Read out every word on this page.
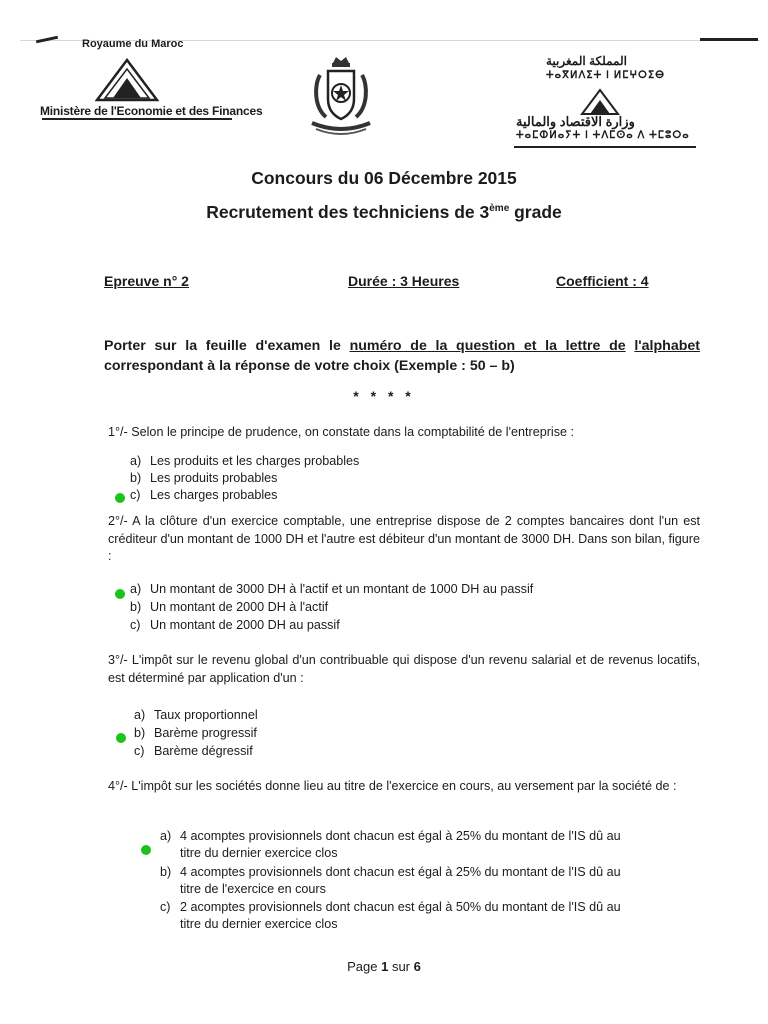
Royaume du Maroc
Ministère de l'Economie et des Finances
المملكة المغربية
ⵜⴰⴳⵍⴷⵉⵜ ⵏ ⵍⵎⵖⵔⵉⴱ
وزارة الاقتصاد والمالية
ⵜⴰⵎⵀⵍⴰⵢⵜ ⵏ ⵜⴷⵎⵙⴰ ⴷ ⵜⵎⵓⵔⴰ
Concours du 06 Décembre 2015
Recrutement des techniciens de 3ème grade
Epreuve n° 2	Durée : 3 Heures	Coefficient : 4
Porter sur la feuille d'examen le numéro de la question et la lettre de l'alphabet correspondant à la réponse de votre choix (Exemple : 50 – b)
* * * *
1°/- Selon le principe de prudence, on constate dans la comptabilité de l'entreprise :
a) Les produits et les charges probables
b) Les produits probables
c) Les charges probables
2°/- A la clôture d'un exercice comptable, une entreprise dispose de 2 comptes bancaires dont l'un est créditeur d'un montant de 1000 DH et l'autre est débiteur d'un montant de 3000 DH. Dans son bilan, figure :
a) Un montant de 3000 DH à l'actif et un montant de 1000 DH au passif
b) Un montant de 2000 DH à l'actif
c) Un montant de 2000 DH au passif
3°/- L'impôt sur le revenu global d'un contribuable qui dispose d'un revenu salarial et de revenus locatifs, est déterminé par application d'un :
a) Taux proportionnel
b) Barème progressif
c) Barème dégressif
4°/- L'impôt sur les sociétés donne lieu au titre de l'exercice en cours, au versement par la société de :
a) 4 acomptes provisionnels dont chacun est égal à 25% du montant de l'IS dû au
titre du dernier exercice clos
b) 4 acomptes provisionnels dont chacun est égal à 25% du montant de l'IS dû au
titre de l'exercice en cours
c) 2 acomptes provisionnels dont chacun est égal à 50% du montant de l'IS dû au
titre du dernier exercice clos
Page 1 sur 6
